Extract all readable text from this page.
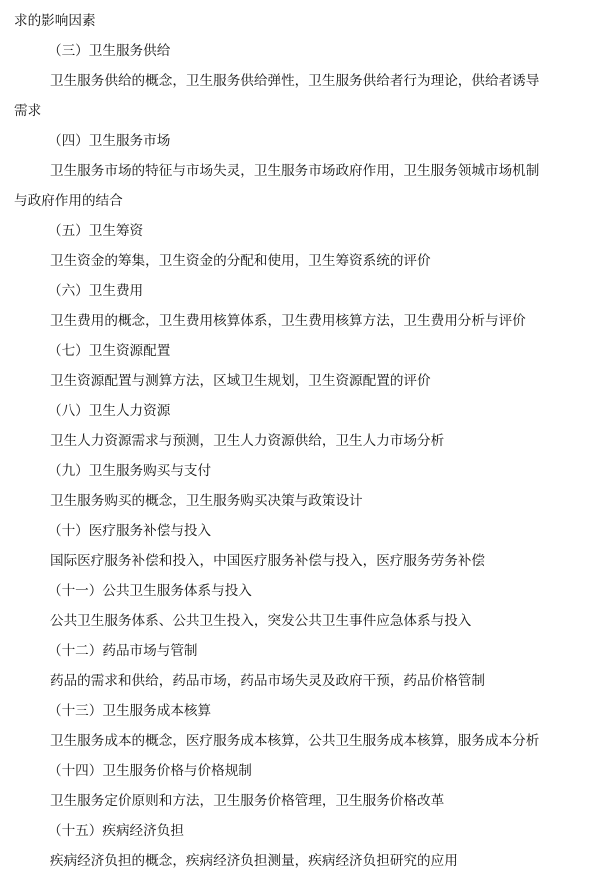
求的影响因素
（三）卫生服务供给
卫生服务供给的概念，卫生服务供给弹性，卫生服务供给者行为理论，供给者诱导
需求
（四）卫生服务市场
卫生服务市场的特征与市场失灵，卫生服务市场政府作用，卫生服务领城市场机制
与政府作用的结合
（五）卫生筹资
卫生资金的筹集，卫生资金的分配和使用，卫生筹资系统的评价
（六）卫生费用
卫生费用的概念，卫生费用核算体系，卫生费用核算方法，卫生费用分析与评价
（七）卫生资源配置
卫生资源配置与测算方法，区域卫生规划，卫生资源配置的评价
（八）卫生人力资源
卫生人力资源需求与预测，卫生人力资源供给，卫生人力市场分析
（九）卫生服务购买与支付
卫生服务购买的概念，卫生服务购买决策与政策设计
（十）医疗服务补偿与投入
国际医疗服务补偿和投入，中国医疗服务补偿与投入，医疗服务劳务补偿
（十一）公共卫生服务体系与投入
公共卫生服务体系、公共卫生投入，突发公共卫生事件应急体系与投入
（十二）药品市场与管制
药品的需求和供给，药品市场，药品市场失灵及政府干预，药品价格管制
（十三）卫生服务成本核算
卫生服务成本的概念，医疗服务成本核算，公共卫生服务成本核算，服务成本分析
（十四）卫生服务价格与价格规制
卫生服务定价原则和方法，卫生服务价格管理，卫生服务价格改革
（十五）疾病经济负担
疾病经济负担的概念，疾病经济负担测量，疾病经济负担研究的应用
